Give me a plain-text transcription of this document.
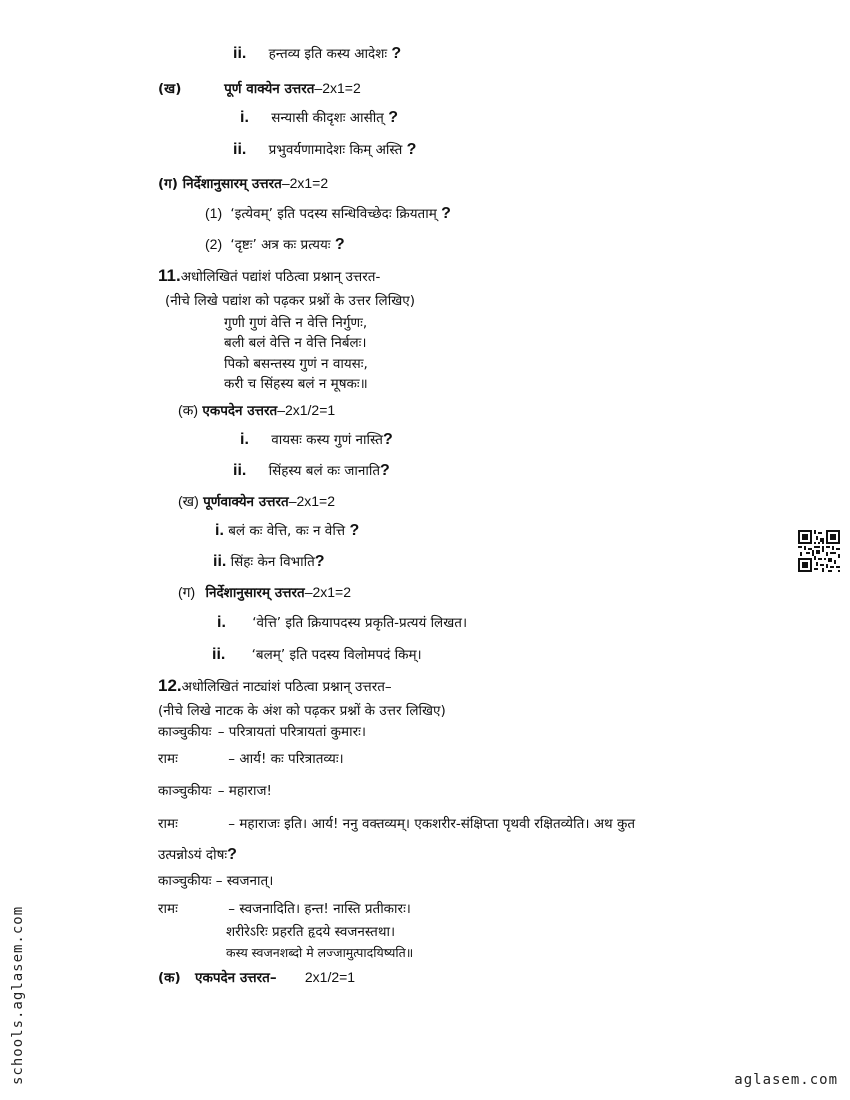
ii. हन्तव्य इति कस्य आदेशः ?
(ख)	पूर्ण वाक्येन उत्तरत–2x1=2
i. सन्यासी कीदृशः आसीत् ?
ii. प्रभुवर्यणामादेशः किम् अस्ति ?
(ग) निर्देशानुसारम् उत्तरत–2x1=2
(1) ‘इत्येवम्’ इति पदस्य सन्धिविच्छेदः क्रियताम् ?
(2) ‘दृष्टः’ अत्र कः प्रत्ययः ?
11.अधोलिखितं पद्यांशं पठित्वा प्रश्नान् उत्तरत-
(नीचे लिखे पद्यांश को पढ़कर प्रश्नों के उत्तर लिखिए)
गुणी गुणं वेत्ति न वेत्ति निर्गुणः,
बली बलं वेत्ति न वेत्ति निर्बलः।
पिको बसन्तस्य गुणं न वायसः,
करी च सिंहस्य बलं न मूषकः॥
(क) एकपदेन उत्तरत–2x1/2=1
i. वायसः कस्य गुणं नास्ति?
ii. सिंहस्य बलं कः जानाति?
(ख) पूर्णवाक्येन उत्तरत–2x1=2
i. बलं कः वेत्ति, कः न वेत्ति ?
ii. सिंहः केन विभाति?
(ग) निर्देशानुसारम् उत्तरत–2x1=2
i. ‘वेत्ति’ इति क्रियापदस्य प्रकृति-प्रत्ययं लिखत।
ii. ‘बलम्’ इति पदस्य विलोमपदं किम्।
12.अधोलिखितं नाट्यांशं पठित्वा प्रश्नान् उत्तरत–
(नीचे लिखे नाटक के अंश को पढ़कर प्रश्नों के उत्तर लिखिए)
काञ्चुकीयः – परित्रायतां परित्रायतां कुमारः।
रामः	– आर्य! कः परित्रातव्यः।
काञ्चुकीयः – महाराज!
रामः	– महाराजः इति। आर्य! ननु वक्तव्यम्। एकशरीर-संक्षिप्ता पृथवी रक्षितव्येति। अथ कुत
उत्पन्नोऽयं दोषः?
काञ्चुकीयः – स्वजनात्।
रामः	– स्वजनादिति। हन्त! नास्ति प्रतीकारः।
शरीरेऽरिः प्रहरति हृदये स्वजनस्तथा।
कस्य स्वजनशब्दो मे लज्जामुत्पादयिष्यति॥
(क) एकपदेन उत्तरत– 2x1/2=1
schools.aglasem.com	aglasem.com
